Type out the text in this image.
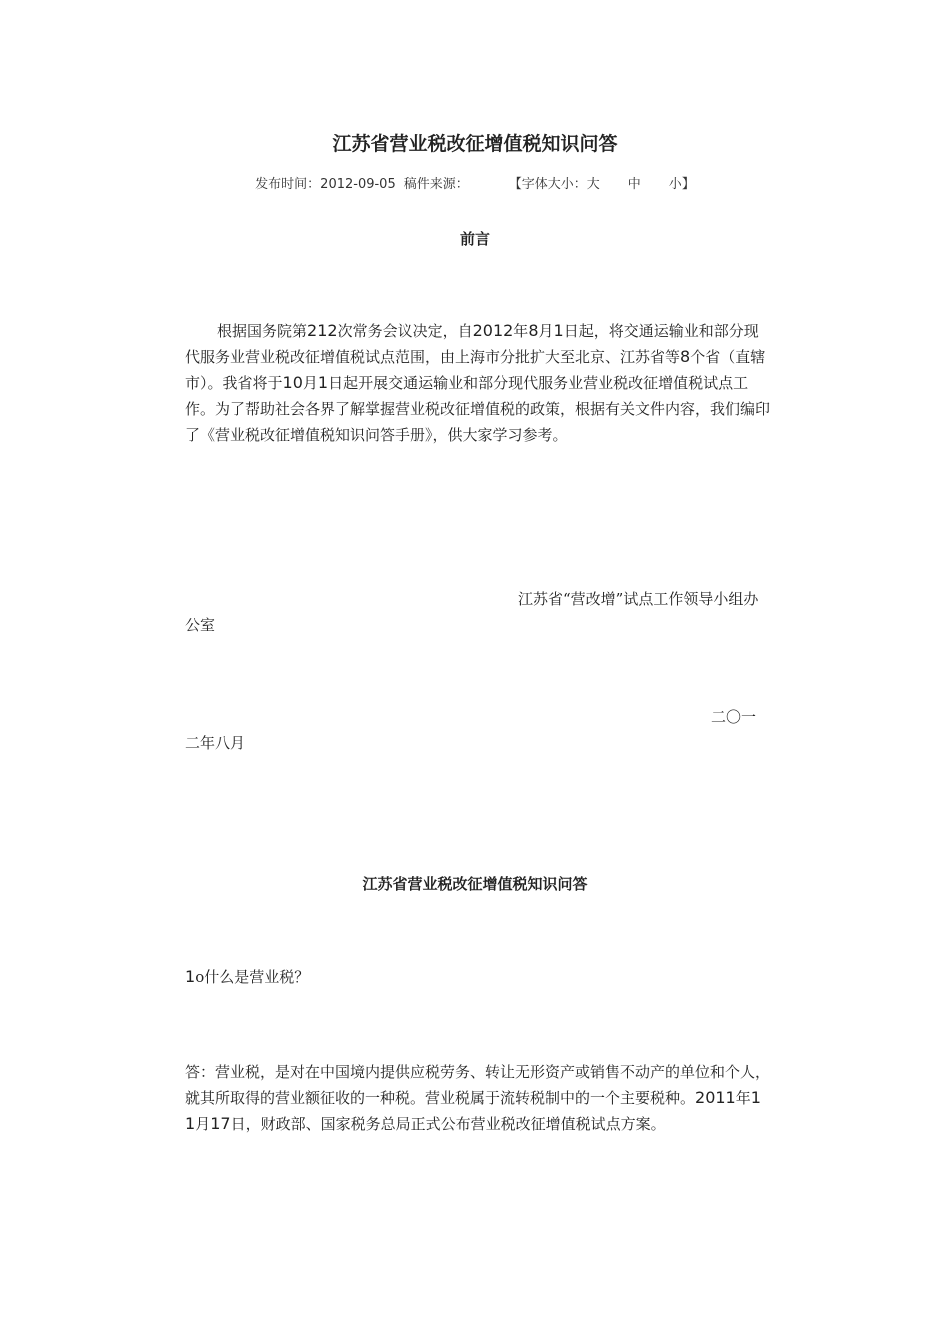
江苏省营业税改征增值税知识问答
发布时间：2012-09-05 稿件来源：	【字体大小：大 中 小】
前言
根据国务院第212次常务会议决定，自2012年8月1日起，将交通运输业和部分现代服务业营业税改征增值税试点范围，由上海市分批扩大至北京、江苏省等8个省（直辖市）。我省将于10月1日起开展交通运输业和部分现代服务业营业税改征增值税试点工作。为了帮助社会各界了解掌握营业税改征增值税的政策，根据有关文件内容，我们编印了《营业税改征增值税知识问答手册》，供大家学习参考。
江苏省“营改增”试点工作领导小组办公室
二〇一二年八月
江苏省营业税改征增值税知识问答
1o什么是营业税？
答：营业税，是对在中国境内提供应税劳务、转让无形资产或销售不动产的单位和个人，就其所取得的营业额征收的一种税。营业税属于流转税制中的一个主要税种。2011年11月17日，财政部、国家税务总局正式公布营业税改征增值税试点方案。
